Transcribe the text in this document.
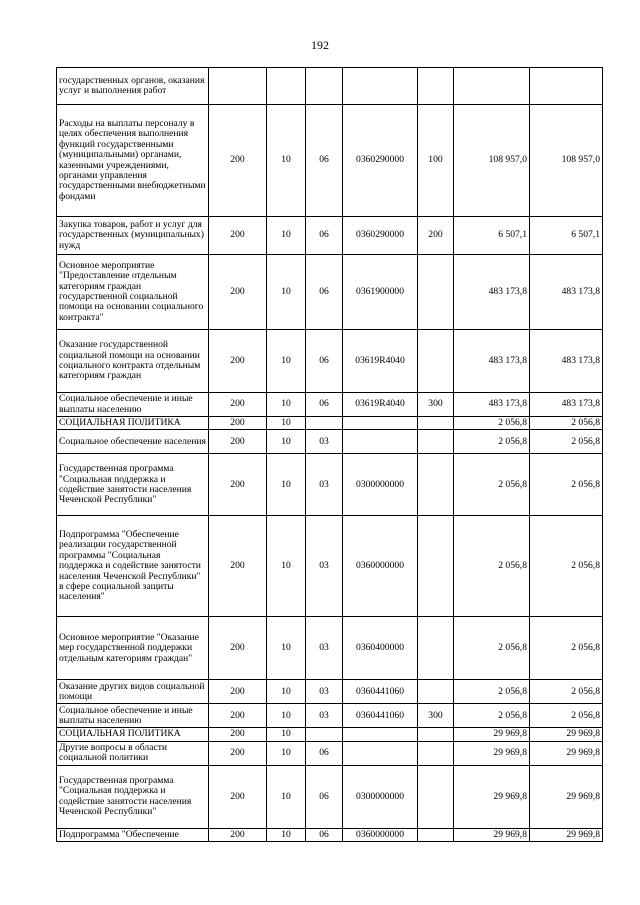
192
государственных органов, оказания услуг и выполнения работ							
Расходы на выплаты персоналу в целях обеспечения выполнения функций государственными (муниципальными) органами, казенными учреждениями, органами управления государственными внебюджетными фондами	200	10	06	0360290000	100	108 957,0	108 957,0
Закупка товаров, работ и услуг для государственных (муниципальных) нужд	200	10	06	0360290000	200	6 507,1	6 507,1
Основное мероприятие "Предоставление отдельным категориям граждан государственной социальной помощи на основании социального контракта"	200	10	06	0361900000		483 173,8	483 173,8
Оказание государственной социальной помощи на основании социального контракта отдельным категориям граждан	200	10	06	03619R4040		483 173,8	483 173,8
Социальное обеспечение и иные выплаты населению	200	10	06	03619R4040	300	483 173,8	483 173,8
СОЦИАЛЬНАЯ ПОЛИТИКА	200	10				2 056,8	2 056,8
Социальное обеспечение населения	200	10	03			2 056,8	2 056,8
Государственная программа "Социальная поддержка и содействие занятости населения Чеченской Республики"	200	10	03	0300000000		2 056,8	2 056,8
Подпрограмма "Обеспечение реализации государственной программы "Социальная поддержка и содействие занятости населения Чеченской Республики" в сфере социальной защиты населения"	200	10	03	0360000000		2 056,8	2 056,8
Основное мероприятие "Оказание мер государственной поддержки отдельным категориям граждан"	200	10	03	0360400000		2 056,8	2 056,8
Оказание других видов социальной помощи	200	10	03	0360441060		2 056,8	2 056,8
Социальное обеспечение и иные выплаты населению	200	10	03	0360441060	300	2 056,8	2 056,8
СОЦИАЛЬНАЯ ПОЛИТИКА	200	10				29 969,8	29 969,8
Другие вопросы в области социальной политики	200	10	06			29 969,8	29 969,8
Государственная программа "Социальная поддержка и содействие занятости населения Чеченской Республики"	200	10	06	0300000000		29 969,8	29 969,8
Подпрограмма "Обеспечение	200	10	06	0360000000		29 969,8	29 969,8
